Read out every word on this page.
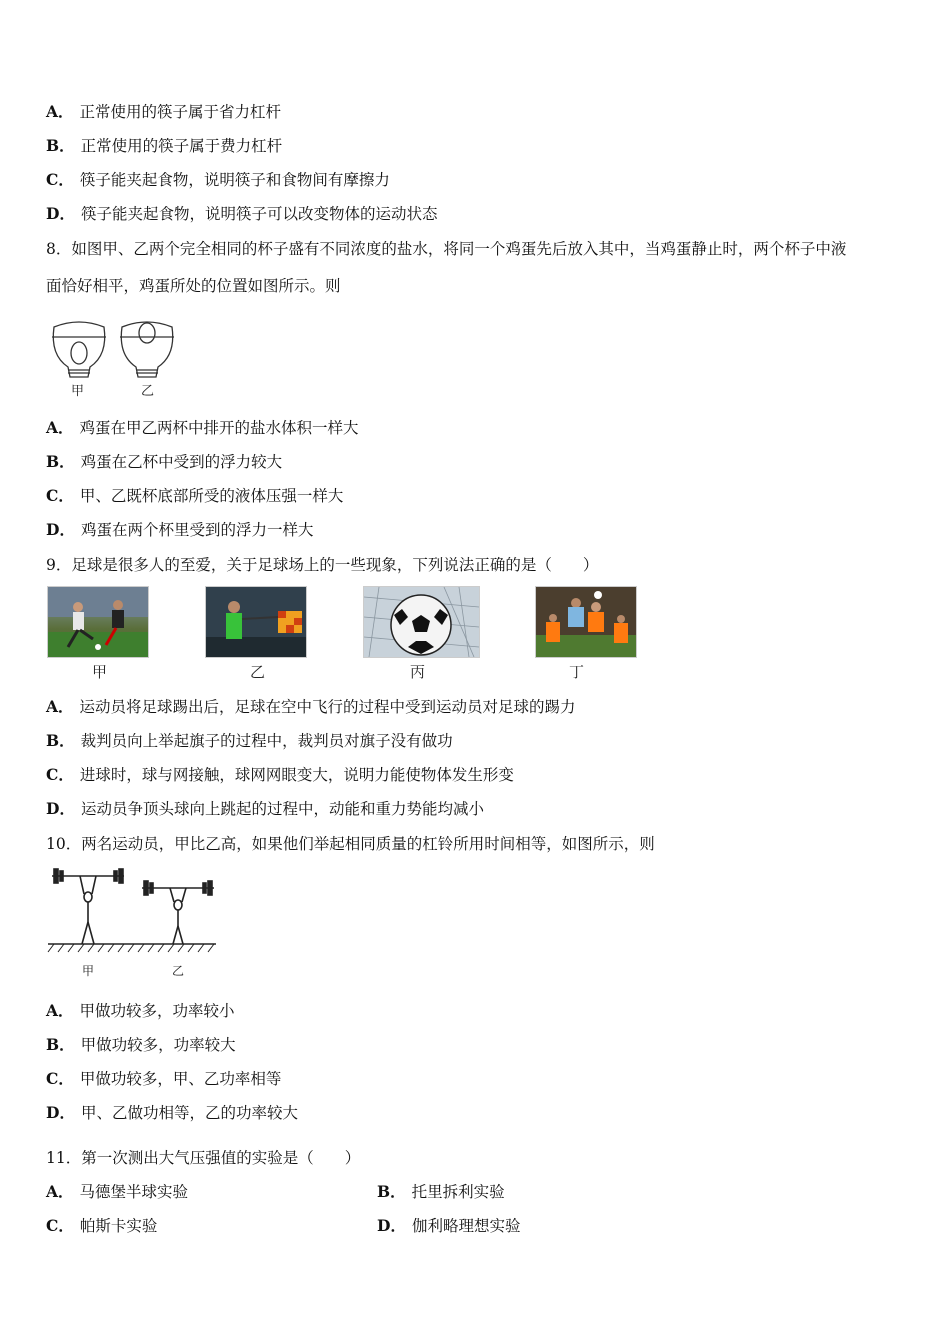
A． 正常使用的筷子属于省力杠杆
B． 正常使用的筷子属于费力杠杆
C． 筷子能夹起食物，说明筷子和食物间有摩擦力
D． 筷子能夹起食物，说明筷子可以改变物体的运动状态
8．如图甲、乙两个完全相同的杯子盛有不同浓度的盐水，将同一个鸡蛋先后放入其中，当鸡蛋静止时，两个杯子中液
面恰好相平，鸡蛋所处的位置如图所示。则
甲	乙
A． 鸡蛋在甲乙两杯中排开的盐水体积一样大
B． 鸡蛋在乙杯中受到的浮力较大
C． 甲、乙既杯底部所受的液体压强一样大
D． 鸡蛋在两个杯里受到的浮力一样大
9．足球是很多人的至爱，关于足球场上的一些现象，下列说法正确的是（　　）
甲	乙	丙	丁
A． 运动员将足球踢出后，足球在空中飞行的过程中受到运动员对足球的踢力
B． 裁判员向上举起旗子的过程中，裁判员对旗子没有做功
C． 进球时，球与网接触，球网网眼变大，说明力能使物体发生形变
D． 运动员争顶头球向上跳起的过程中，动能和重力势能均减小
10．两名运动员，甲比乙高，如果他们举起相同质量的杠铃所用时间相等，如图所示，则
甲	乙
A． 甲做功较多，功率较小
B． 甲做功较多，功率较大
C． 甲做功较多，甲、乙功率相等
D． 甲、乙做功相等，乙的功率较大
11．第一次测出大气压强值的实验是（　　）
A． 马德堡半球实验	B． 托里拆利实验
C． 帕斯卡实验	D． 伽利略理想实验
